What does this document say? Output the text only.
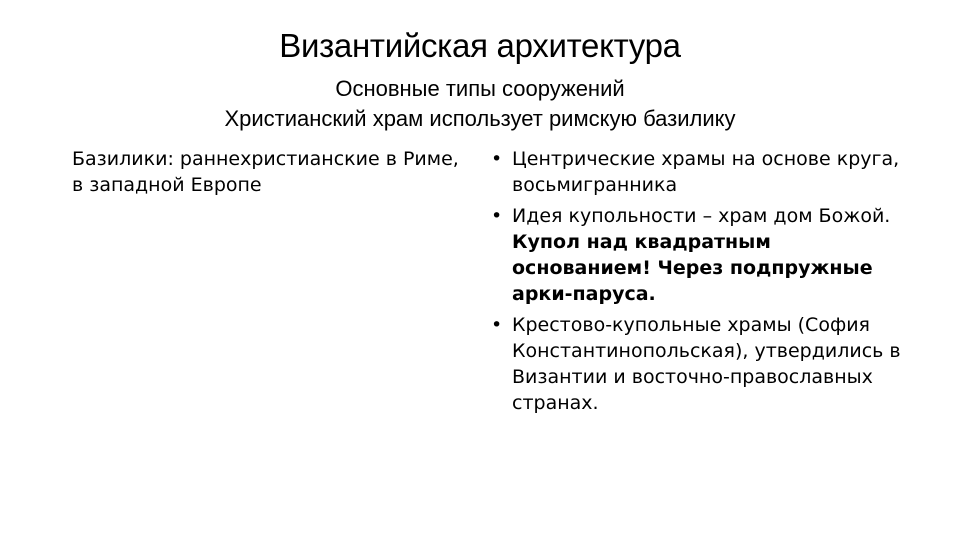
Византийская архитектура
Основные типы сооружений
Христианский храм использует римскую базилику
Базилики: раннехристианские в Риме, в западной Европе
• Центрические храмы на основе круга, восьмигранника
• Идея купольности – храм дом Божой. Купол над квадратным основанием! Через подпружные арки-паруса.
• Крестово-купольные храмы (София Константинопольская), утвердились в Византии и восточно-православных странах.
